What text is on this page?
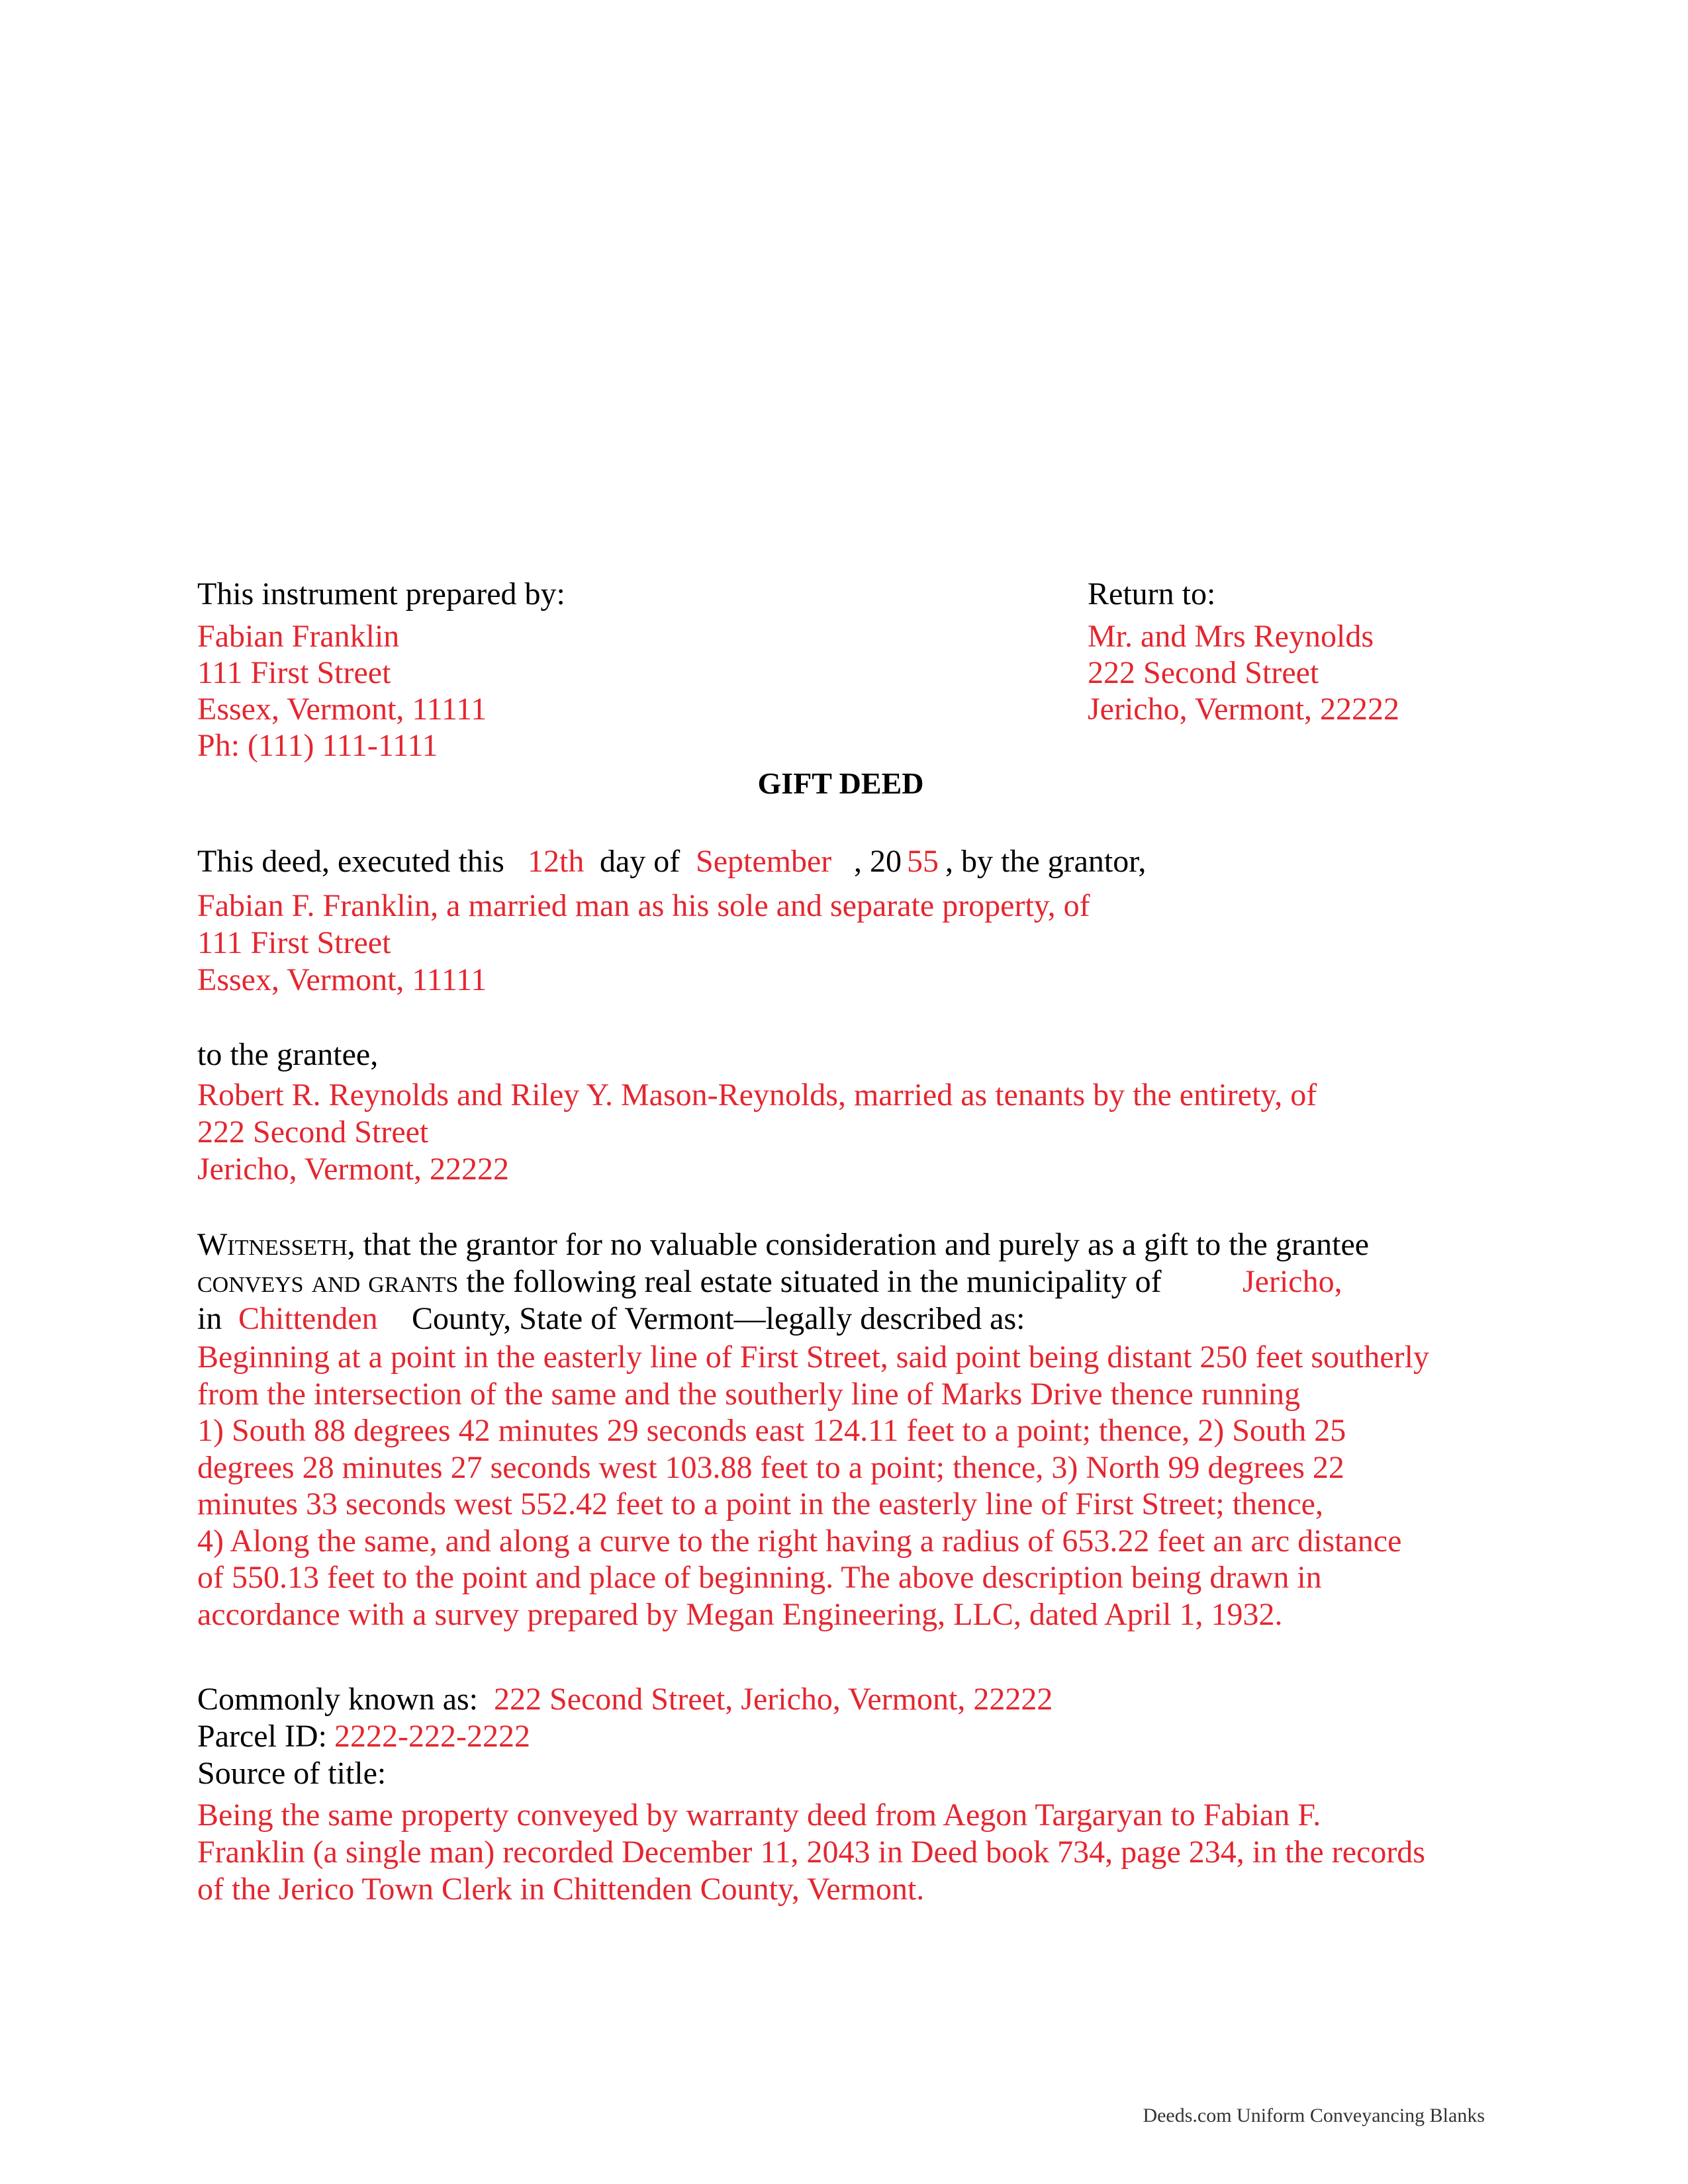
This instrument prepared by:
Fabian Franklin
111 First Street
Essex, Vermont, 11111
Ph: (111) 111-1111
Return to:
Mr. and Mrs Reynolds
222 Second Street
Jericho, Vermont, 22222
GIFT DEED
This deed, executed this 12th day of September , 20 55 , by the grantor,
Fabian F. Franklin, a married man as his sole and separate property, of
111 First Street
Essex, Vermont, 11111
to the grantee,
Robert R. Reynolds and Riley Y. Mason-Reynolds, married as tenants by the entirety, of
222 Second Street
Jericho, Vermont, 22222
Witnesseth, that the grantor for no valuable consideration and purely as a gift to the grantee
conveys and grants the following real estate situated in the municipality of	Jericho,
in Chittenden County, State of Vermont—legally described as:
Beginning at a point in the easterly line of First Street, said point being distant 250 feet southerly
from the intersection of the same and the southerly line of Marks Drive thence running
1) South 88 degrees 42 minutes 29 seconds east 124.11 feet to a point; thence, 2) South 25
degrees 28 minutes 27 seconds west 103.88 feet to a point; thence, 3) North 99 degrees 22
minutes 33 seconds west 552.42 feet to a point in the easterly line of First Street; thence,
4) Along the same, and along a curve to the right having a radius of 653.22 feet an arc distance
of 550.13 feet to the point and place of beginning. The above description being drawn in
accordance with a survey prepared by Megan Engineering, LLC, dated April 1, 1932.
Commonly known as: 222 Second Street, Jericho, Vermont, 22222
Parcel ID: 2222-222-2222
Source of title:
Being the same property conveyed by warranty deed from Aegon Targaryan to Fabian F.
Franklin (a single man) recorded December 11, 2043 in Deed book 734, page 234, in the records
of the Jerico Town Clerk in Chittenden County, Vermont.
Deeds.com Uniform Conveyancing Blanks
